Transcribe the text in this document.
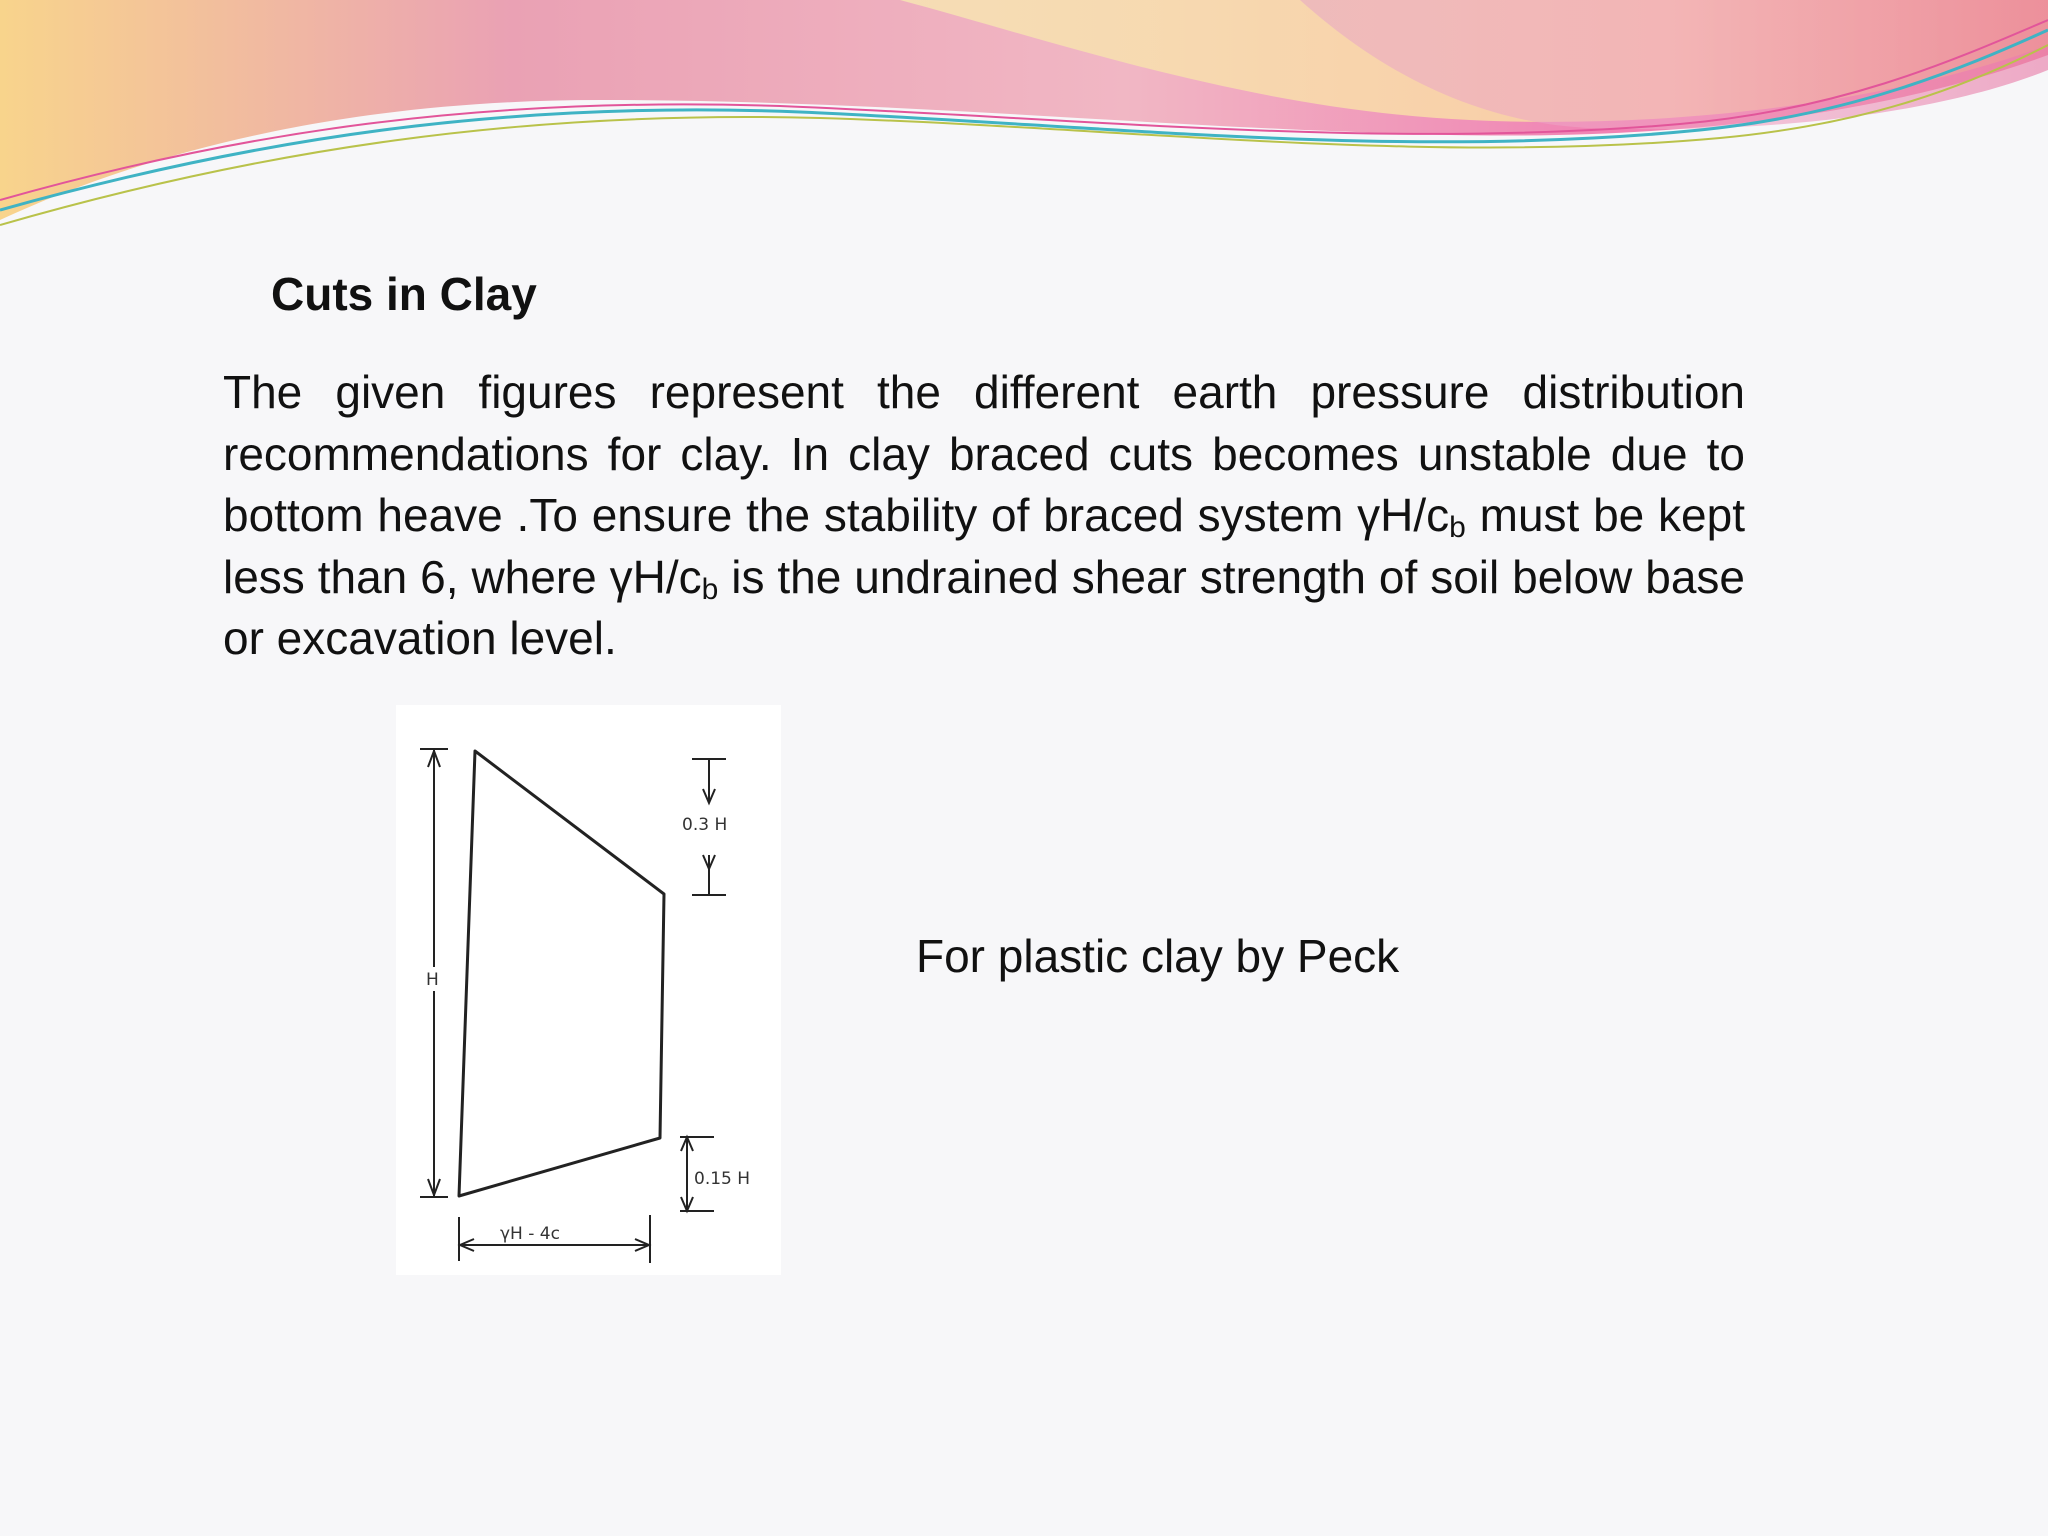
Cuts in Clay

The given figures represent the different earth pressure distribution recommendations for clay. In clay braced cuts becomes unstable due to bottom heave .To ensure the stability of braced system $\gamma H/c_b$ must be kept less than 6, where $\gamma H/c_b$ is the undrained shear strength of soil below base or excavation level.

H
0.3 H
0.15 H
γH - 4c
For plastic clay by Peck
